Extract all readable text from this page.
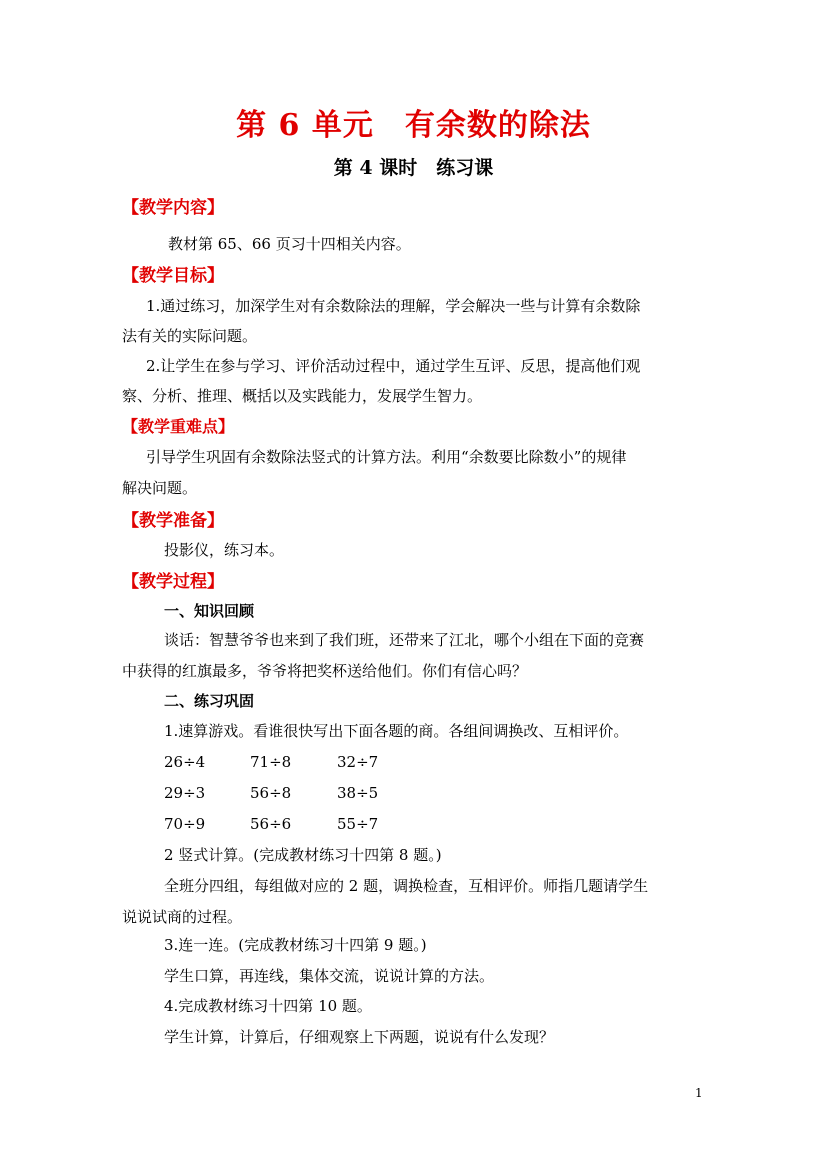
第 6 单元　有余数的除法
第 4 课时　练习课
【教学内容】
教材第 65、66 页习十四相关内容。
【教学目标】
1.通过练习，加深学生对有余数除法的理解，学会解决一些与计算有余数除
法有关的实际问题。
2.让学生在参与学习、评价活动过程中，通过学生互评、反思，提高他们观
察、分析、推理、概括以及实践能力，发展学生智力。
【教学重难点】
引导学生巩固有余数除法竖式的计算方法。利用“余数要比除数小”的规律
解决问题。
【教学准备】
投影仪，练习本。
【教学过程】
一、知识回顾
谈话：智慧爷爷也来到了我们班，还带来了江北，哪个小组在下面的竞赛
中获得的红旗最多，爷爷将把奖杯送给他们。你们有信心吗？
二、练习巩固
1.速算游戏。看谁很快写出下面各题的商。各组间调换改、互相评价。
26÷4	71÷8	32÷7
29÷3	56÷8	38÷5
70÷9	56÷6	55÷7
2 竖式计算。(完成教材练习十四第 8 题。)
全班分四组，每组做对应的 2 题，调换检查，互相评价。师指几题请学生
说说试商的过程。
3.连一连。(完成教材练习十四第 9 题。)
学生口算，再连线，集体交流，说说计算的方法。
4.完成教材练习十四第 10 题。
学生计算，计算后，仔细观察上下两题，说说有什么发现？
1
